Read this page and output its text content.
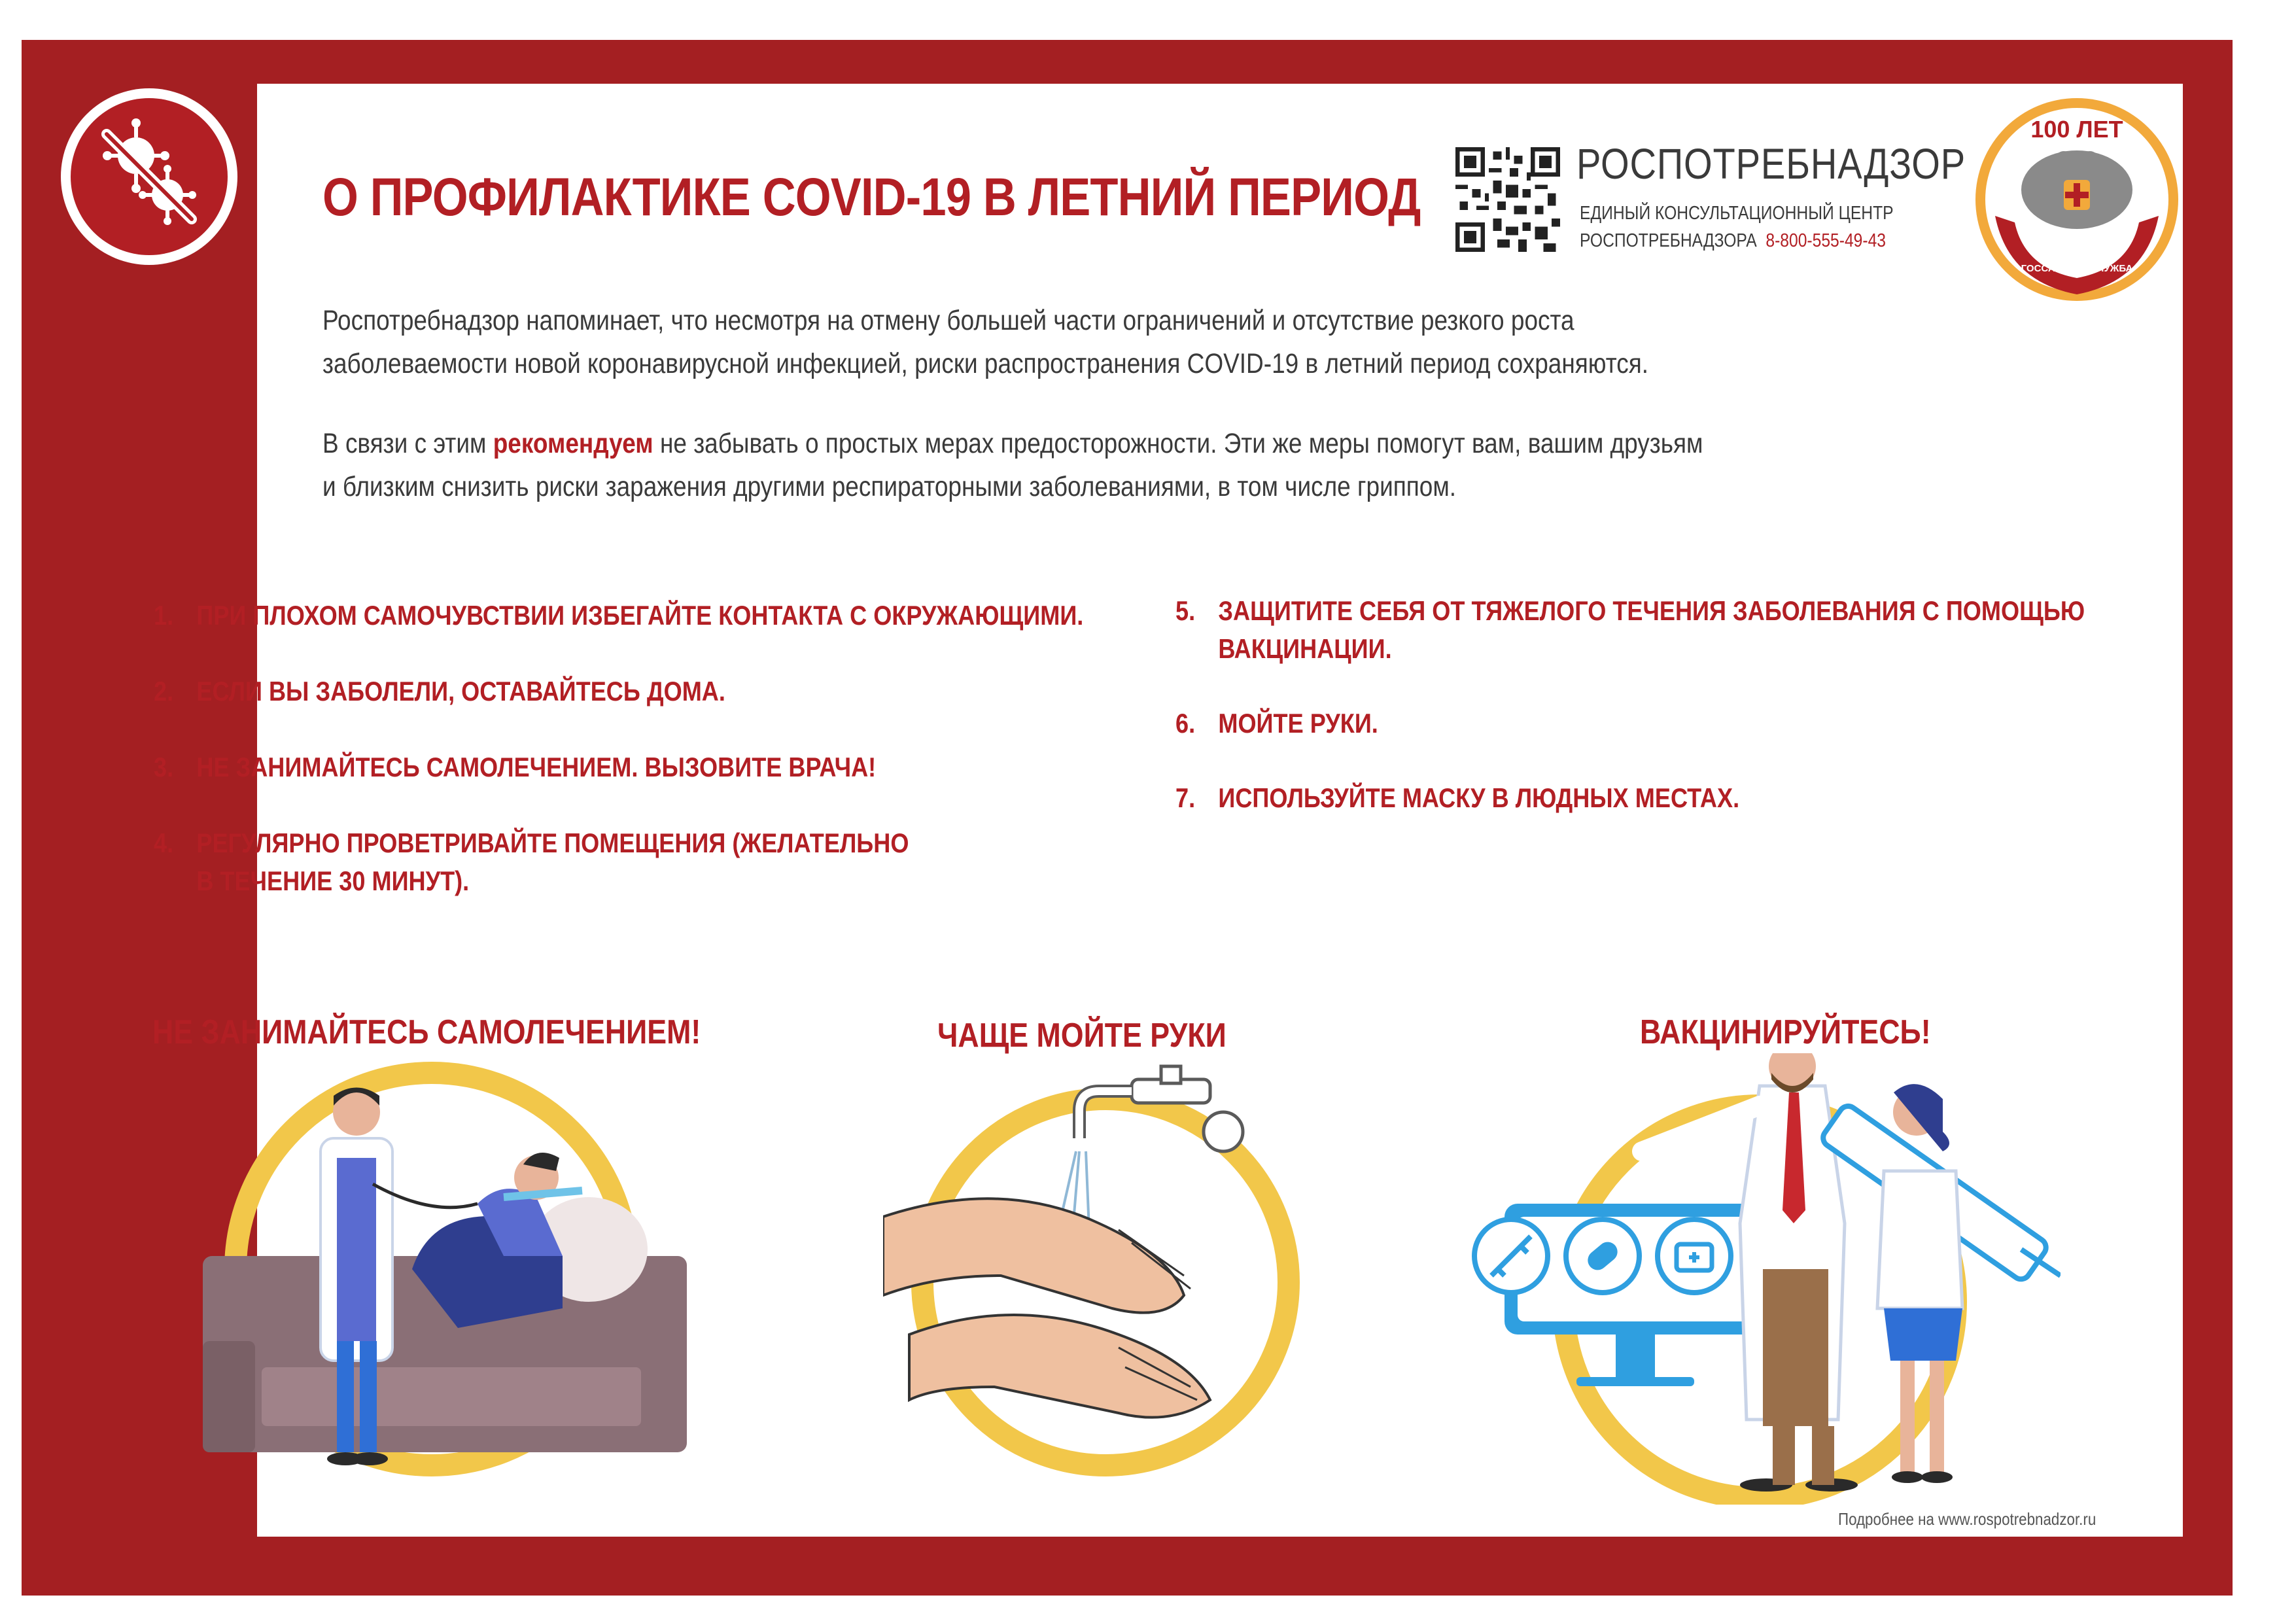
О ПРОФИЛАКТИКЕ COVID-19 В ЛЕТНИЙ ПЕРИОД
РОСПОТРЕБНАДЗОР
ЕДИНЫЙ КОНСУЛЬТАЦИОННЫЙ ЦЕНТР
РОСПОТРЕБНАДЗОРА 8-800-555-49-43
100 ЛЕТ
ГОССАНЭПИДСЛУЖБА
Роспотребнадзор напоминает, что несмотря на отмену большей части ограничений и отсутствие резкого роста
заболеваемости новой коронавирусной инфекцией, риски распространения COVID-19 в летний период сохраняются.
В связи с этим рекомендуем не забывать о простых мерах предосторожности. Эти же меры помогут вам, вашим друзьям
и близким снизить риски заражения другими респираторными заболеваниями, в том числе гриппом.
1. ПРИ ПЛОХОМ САМОЧУВСТВИИ ИЗБЕГАЙТЕ КОНТАКТА С ОКРУЖАЮЩИМИ.
2. ЕСЛИ ВЫ ЗАБОЛЕЛИ, ОСТАВАЙТЕСЬ ДОМА.
3. НЕ ЗАНИМАЙТЕСЬ САМОЛЕЧЕНИЕМ. ВЫЗОВИТЕ ВРАЧА!
4. РЕГУЛЯРНО ПРОВЕТРИВАЙТЕ ПОМЕЩЕНИЯ (ЖЕЛАТЕЛЬНО
В ТЕЧЕНИЕ 30 МИНУТ).
5. ЗАЩИТИТЕ СЕБЯ ОТ ТЯЖЕЛОГО ТЕЧЕНИЯ ЗАБОЛЕВАНИЯ С ПОМОЩЬЮ
ВАКЦИНАЦИИ.
6. МОЙТЕ РУКИ.
7. ИСПОЛЬЗУЙТЕ МАСКУ В ЛЮДНЫХ МЕСТАХ.
НЕ ЗАНИМАЙТЕСЬ САМОЛЕЧЕНИЕМ!	ЧАЩЕ МОЙТЕ РУКИ	ВАКЦИНИРУЙТЕСЬ!
Подробнее на www.rospotrebnadzor.ru
